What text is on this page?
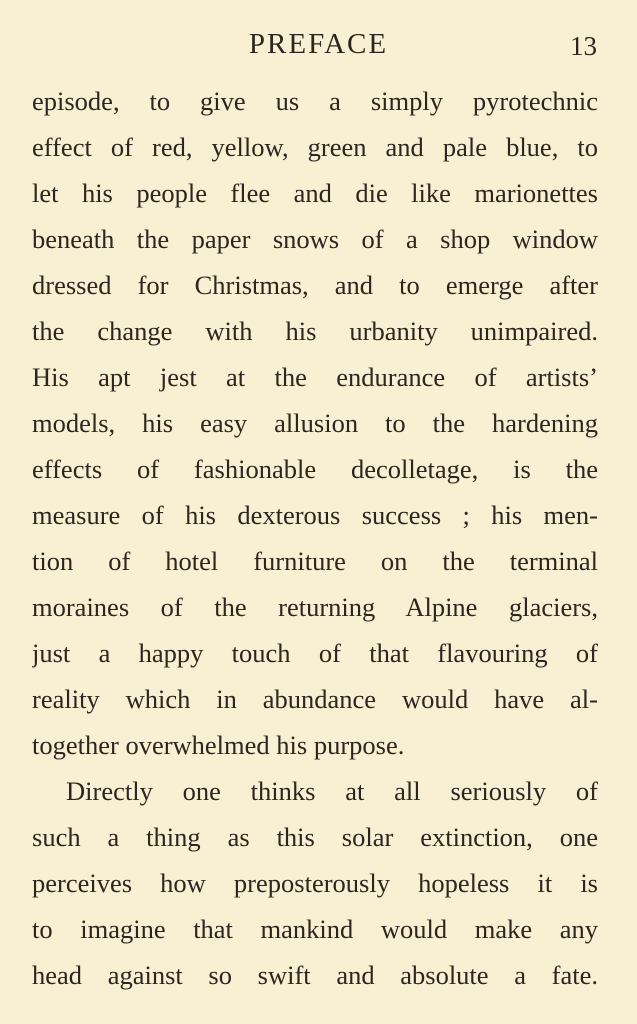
PREFACE	13
episode, to give us a simply pyrotechnic
effect of red, yellow, green and pale blue, to
let his people flee and die like marionettes
beneath the paper snows of a shop window
dressed for Christmas, and to emerge after
the change with his urbanity unimpaired.
His apt jest at the endurance of artists’
models, his easy allusion to the hardening
effects of fashionable decolletage, is the
measure of his dexterous success ; his men-
tion of hotel furniture on the terminal
moraines of the returning Alpine glaciers,
just a happy touch of that flavouring of
reality which in abundance would have al-
together overwhelmed his purpose.
Directly one thinks at all seriously of
such a thing as this solar extinction, one
perceives how preposterously hopeless it is
to imagine that mankind would make any
head against so swift and absolute a fate.
